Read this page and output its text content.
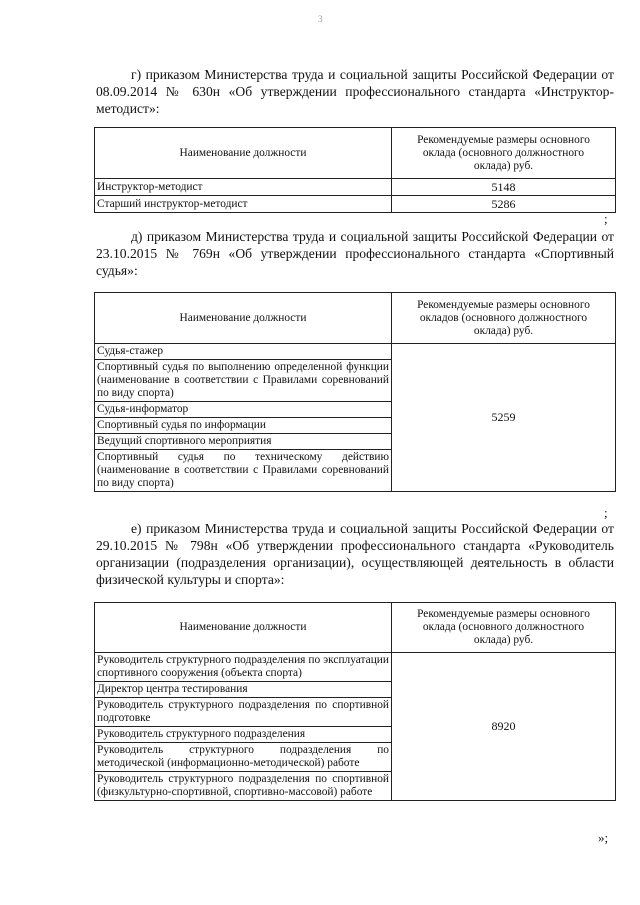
3

г) приказом Министерства труда и социальной защиты Российской Федерации от 08.09.2014 № 630н «Об утверждении профессионального стандарта «Инструктор-методист»:

Наименование должности	Рекомендуемые размеры основного оклада (основного должностного оклада) руб.
Инструктор-методист	5148
Старший инструктор-методист	5286
;

д) приказом Министерства труда и социальной защиты Российской Федерации от 23.10.2015 № 769н «Об утверждении профессионального стандарта «Спортивный судья»:

Наименование должности	Рекомендуемые размеры основного окладов (основного должностного оклада) руб.
Судья-стажер	5259
Спортивный судья по выполнению определенной функции (наименование в соответствии с Правилами соревнований по виду спорта)	
Судья-информатор	
Спортивный судья по информации	
Ведущий спортивного мероприятия	
Спортивный судья по техническому действию (наименование в соответствии с Правилами соревнований по виду спорта)	
;

е) приказом Министерства труда и социальной защиты Российской Федерации от 29.10.2015 № 798н «Об утверждении профессионального стандарта «Руководитель организации (подразделения организации), осуществляющей деятельность в области физической культуры и спорта»:

Наименование должности	Рекомендуемые размеры основного оклада (основного должностного оклада) руб.
Руководитель структурного подразделения по эксплуатации спортивного сооружения (объекта спорта)	8920
Директор центра тестирования	
Руководитель структурного подразделения по спортивной подготовке	
Руководитель структурного подразделения	
Руководитель структурного подразделения по методической (информационно-методической) работе	
Руководитель структурного подразделения по спортивной (физкультурно-спортивной, спортивно-массовой) работе	
»;
